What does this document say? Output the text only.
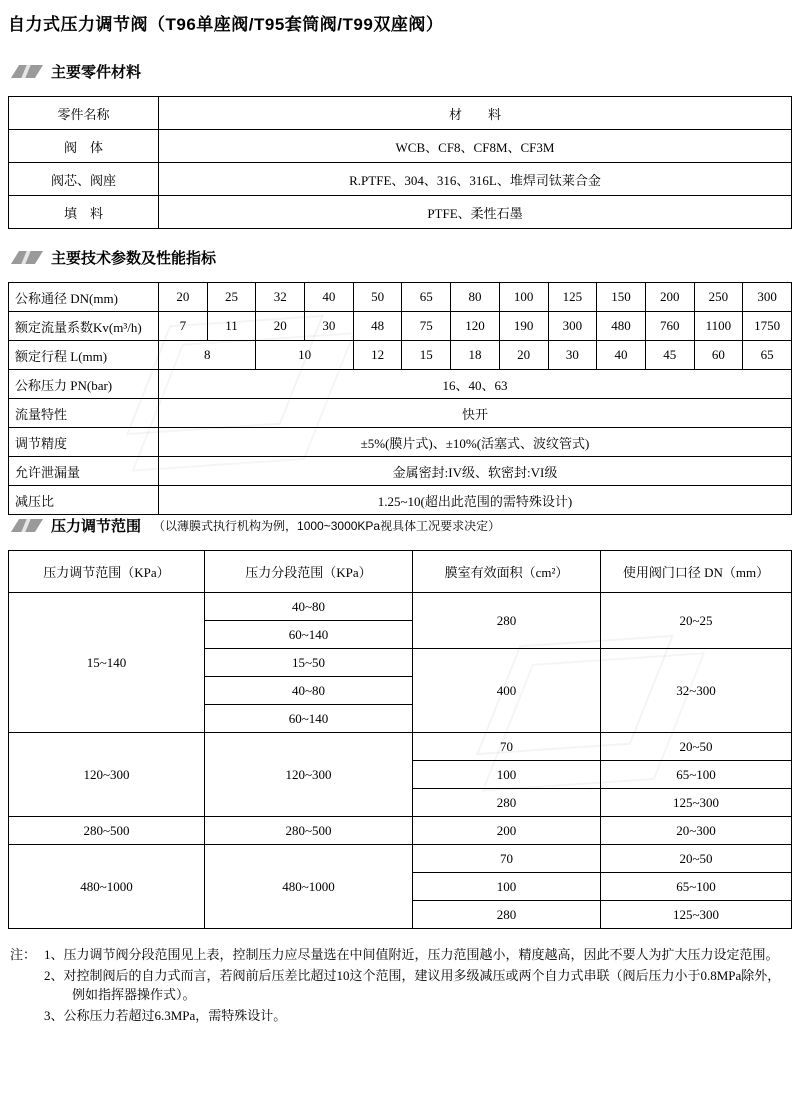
自力式压力调节阀（T96单座阀/T95套筒阀/T99双座阀）
主要零件材料
零件名称	材　　料
阀　体	WCB、CF8、CF8M、CF3M
阀芯、阀座	R.PTFE、304、316、316L、堆焊司钛莱合金
填　料	PTFE、柔性石墨
主要技术参数及性能指标
公称通径 DN(mm)	20	25	32	40	50	65	80	100	125	150	200	250	300
额定流量系数Kv(m³/h)	7	11	20	30	48	75	120	190	300	480	760	1100	1750
额定行程 L(mm)	8		10		12	15	18	20	30	40	45	60	65
公称压力 PN(bar)	16、40、63												
流量特性	快开												
调节精度	±5%(膜片式)、±10%(活塞式、波纹管式)												
允许泄漏量	金属密封:IV级、软密封:VI级												
减压比	1.25~10(超出此范围的需特殊设计)												
压力调节范围 （以薄膜式执行机构为例，1000~3000KPa视具体工况要求决定）
压力调节范围（KPa）	压力分段范围（KPa）	膜室有效面积（cm²）	使用阀门口径 DN（mm）
15~140	40~80	280	20~25
	60~140		
	15~50	400	32~300
	40~80		
	60~140		
120~300	120~300	70	20~50
		100	65~100
		280	125~300
280~500	280~500	200	20~300
480~1000	480~1000	70	20~50
		100	65~100
		280	125~300
注： 1、压力调节阀分段范围见上表，控制压力应尽量选在中间值附近，压力范围越小，精度越高，因此不要人为扩大压力设定范围。
2、对控制阀后的自力式而言，若阀前后压差比超过10这个范围，建议用多级减压或两个自力式串联（阀后压力小于0.8MPa除外，例如指挥器操作式）。
3、公称压力若超过6.3MPa，需特殊设计。
